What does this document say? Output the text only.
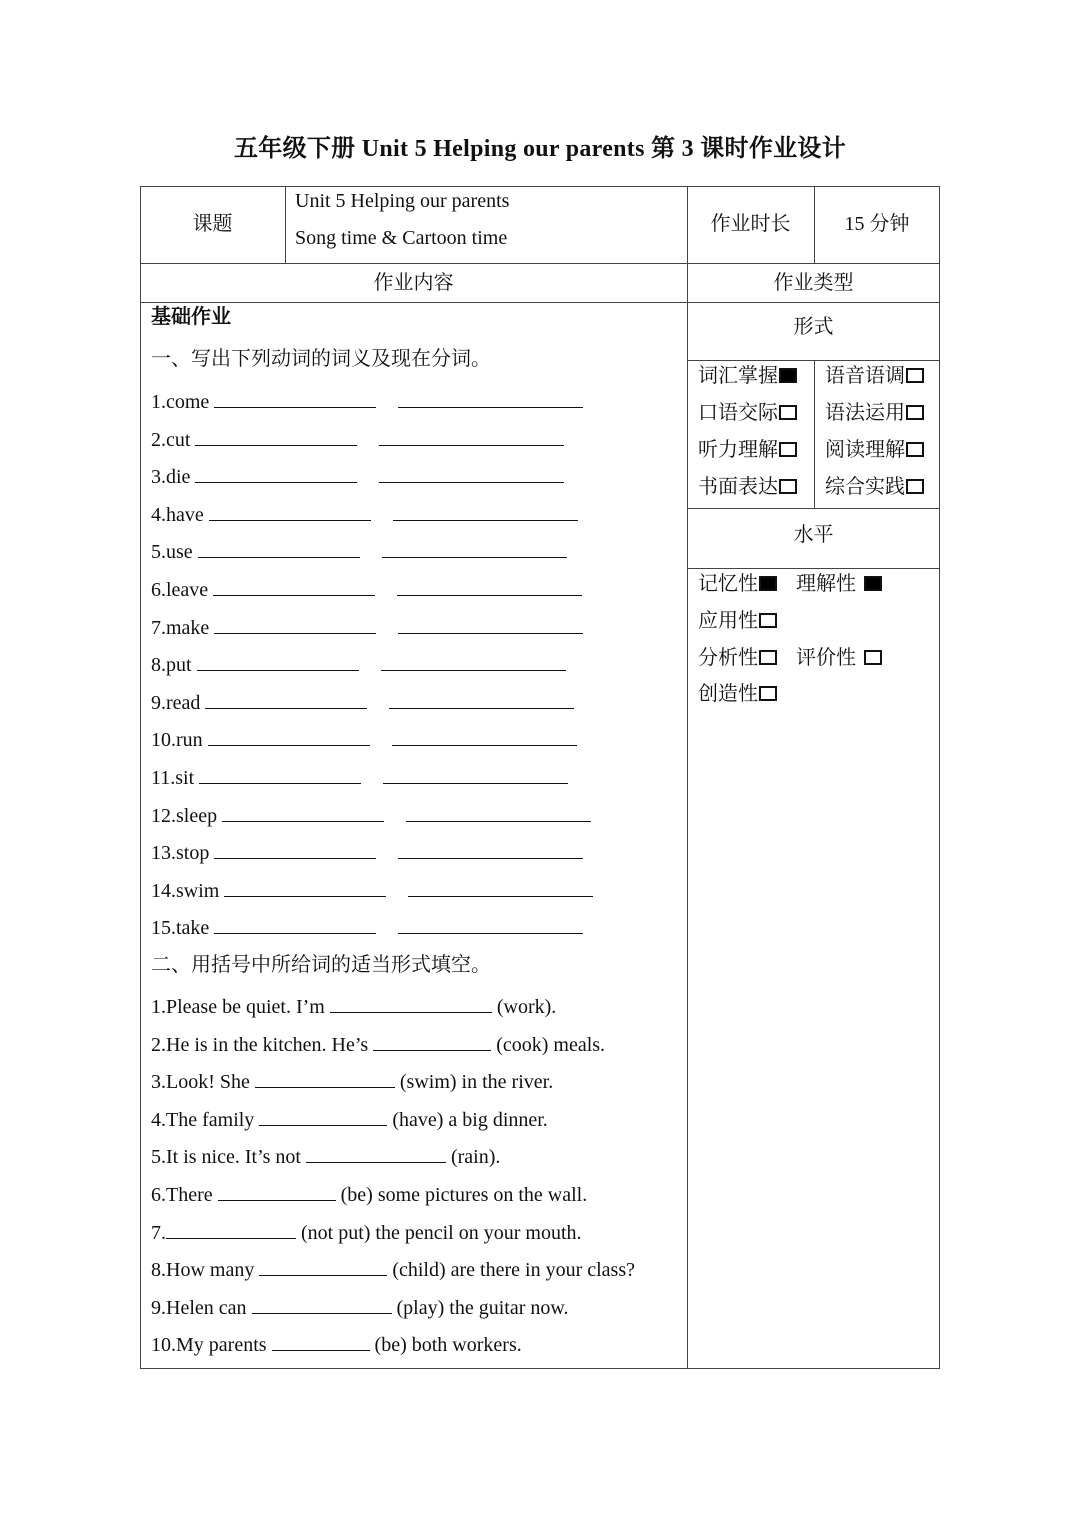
五年级下册 Unit 5 Helping our parents 第 3 课时作业设计
课题
Unit 5 Helping our parents
Song time & Cartoon time
作业时长	15 分钟
作业内容	作业类型
基础作业
一、写出下列动词的词义及现在分词。
1.come
2.cut
3.die
4.have
5.use
6.leave
7.make
8.put
9.read
10.run
11.sit
12.sleep
13.stop
14.swim
15.take
二、用括号中所给词的适当形式填空。
1.Please be quiet. I’m	(work).
2.He is in the kitchen. He’s	(cook) meals.
3.Look! She	(swim) in the river.
4.The family	(have) a big dinner.
5.It is nice. It’s not	(rain).
6.There	(be) some pictures on the wall.
7.	(not put) the pencil on your mouth.
8.How many	(child) are there in your class?
9.Helen can	(play) the guitar now.
10.My parents	(be) both workers.
形式
词汇掌握	语音语调
口语交际	语法运用
听力理解	阅读理解
书面表达	综合实践
水平
记忆性	理解性
应用性
分析性	评价性
创造性
